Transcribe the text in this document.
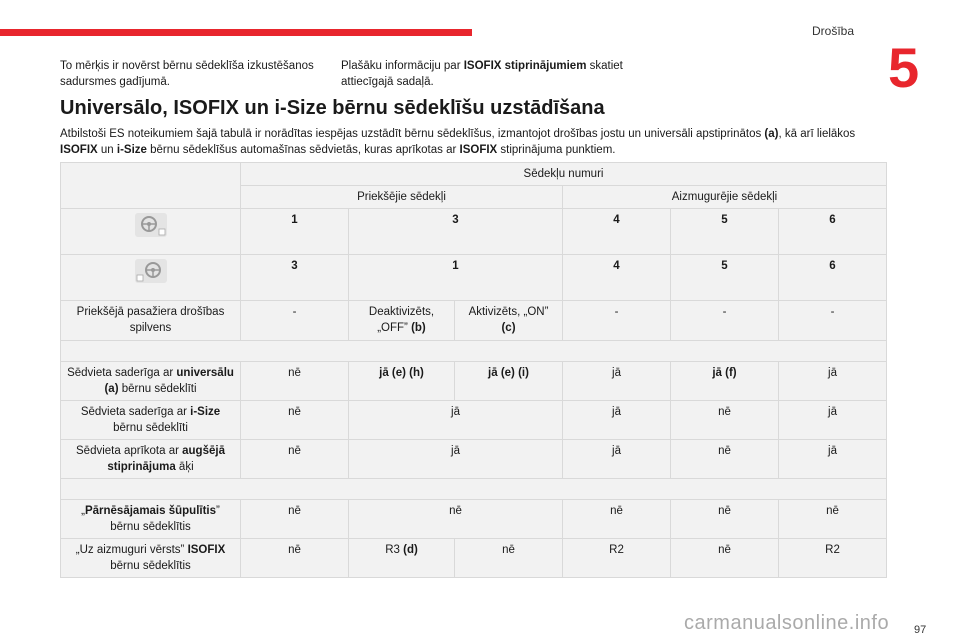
Drošība
5
To mērķis ir novērst bērnu sēdeklīša izkustēšanos sadursmes gadījumā.
Plašāku informāciju par ISOFIX stiprinājumiem skatiet attiecīgajā sadaļā.
Universālo, ISOFIX un i-Size bērnu sēdeklīšu uzstādīšana
Atbilstoši ES noteikumiem šajā tabulā ir norādītas iespējas uzstādīt bērnu sēdeklīšus, izmantojot drošības jostu un universāli apstiprinātos (a), kā arī lielākos ISOFIX un i-Size bērnu sēdeklīšus automašīnas sēdvietās, kuras aprīkotas ar ISOFIX stiprinājuma punktiem.
	Sēdekļu numuri					
	Priekšējie sēdekļi			Aizmugurējie sēdekļi		
	1	3		4	5	6
	3	1		4	5	6
Priekšējā pasažiera drošības spilvens	-	Deaktivizēts, „OFF” (b)	Aktivizēts, „ON” (c)	-	-	-

Sēdvieta saderīga ar universālu (a) bērnu sēdeklīti	nē	jā (e) (h)	jā (e) (i)	jā	jā (f)	jā
Sēdvieta saderīga ar i-Size bērnu sēdeklīti	nē	jā		jā	nē	jā
Sēdvieta aprīkota ar augšējā stiprinājuma āķi	nē	jā		jā	nē	jā

„Pārnēsājamais šūpulītis” bērnu sēdeklītis	nē	nē		nē	nē	nē
„Uz aizmuguri vērsts” ISOFIX bērnu sēdeklītis	nē	R3 (d)	nē	R2	nē	R2
carmanualsonline.info 97
